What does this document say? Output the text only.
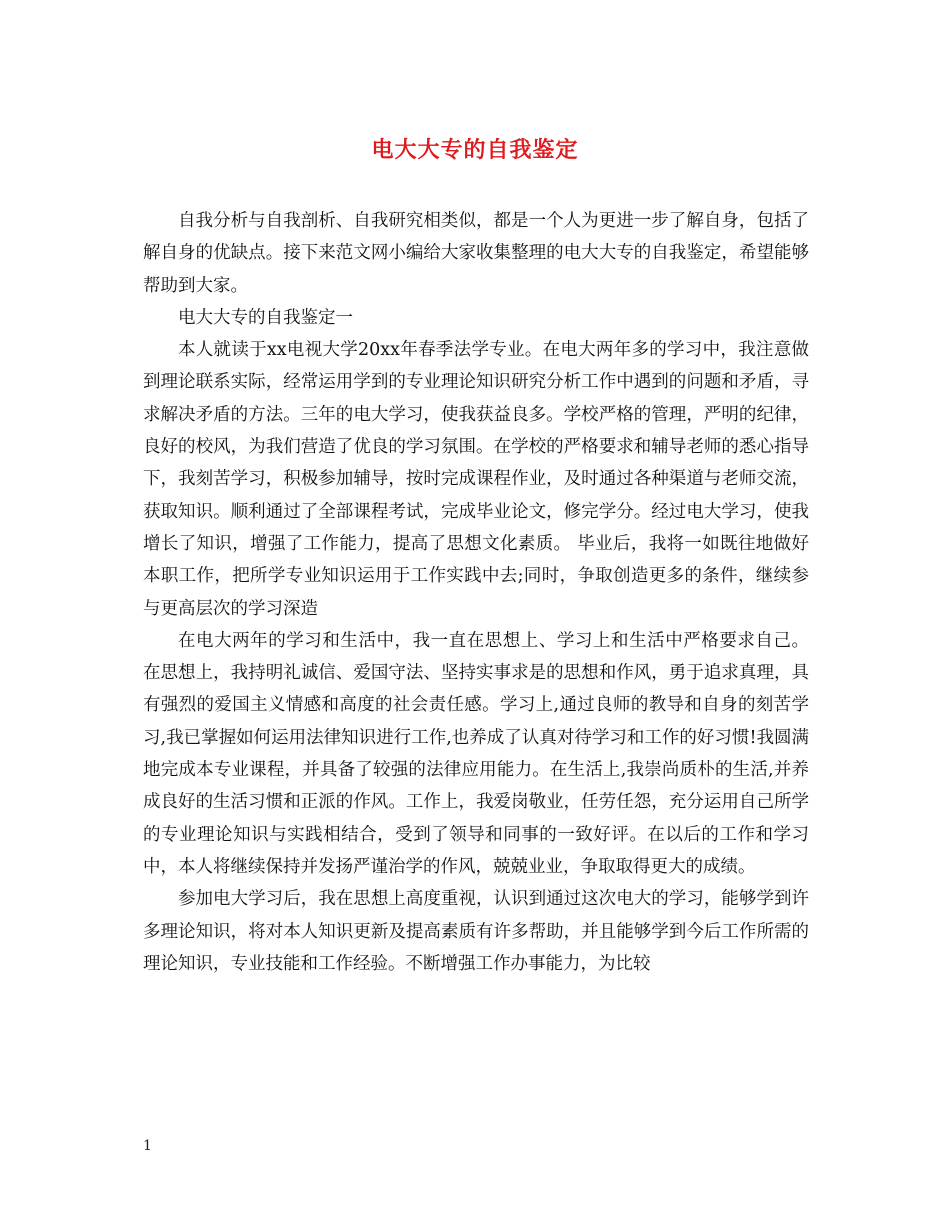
电大大专的自我鉴定

自我分析与自我剖析、自我研究相类似，都是一个人为更进一步了解自身，包括了解自身的优缺点。接下来范文网小编给大家收集整理的电大大专的自我鉴定，希望能够帮助到大家。

电大大专的自我鉴定一

本人就读于xx电视大学20xx年春季法学专业。在电大两年多的学习中，我注意做到理论联系实际，经常运用学到的专业理论知识研究分析工作中遇到的问题和矛盾，寻求解决矛盾的方法。三年的电大学习，使我获益良多。学校严格的管理，严明的纪律，良好的校风，为我们营造了优良的学习氛围。在学校的严格要求和辅导老师的悉心指导下，我刻苦学习，积极参加辅导，按时完成课程作业，及时通过各种渠道与老师交流，获取知识。顺利通过了全部课程考试，完成毕业论文，修完学分。经过电大学习，使我增长了知识，增强了工作能力，提高了思想文化素质。 毕业后，我将一如既往地做好本职工作，把所学专业知识运用于工作实践中去;同时，争取创造更多的条件，继续参与更高层次的学习深造

在电大两年的学习和生活中，我一直在思想上、学习上和生活中严格要求自己。 在思想上，我持明礼诚信、爱国守法、坚持实事求是的思想和作风，勇于追求真理，具有强烈的爱国主义情感和高度的社会责任感。学习上,通过良师的教导和自身的刻苦学习,我已掌握如何运用法律知识进行工作,也养成了认真对待学习和工作的好习惯!我圆满地完成本专业课程，并具备了较强的法律应用能力。在生活上,我崇尚质朴的生活,并养成良好的生活习惯和正派的作风。工作上，我爱岗敬业，任劳任怨，充分运用自己所学的专业理论知识与实践相结合，受到了领导和同事的一致好评。在以后的工作和学习中，本人将继续保持并发扬严谨治学的作风，兢兢业业，争取取得更大的成绩。

参加电大学习后，我在思想上高度重视，认识到通过这次电大的学习，能够学到许多理论知识，将对本人知识更新及提高素质有许多帮助，并且能够学到今后工作所需的理论知识，专业技能和工作经验。不断增强工作办事能力，为比较

1
